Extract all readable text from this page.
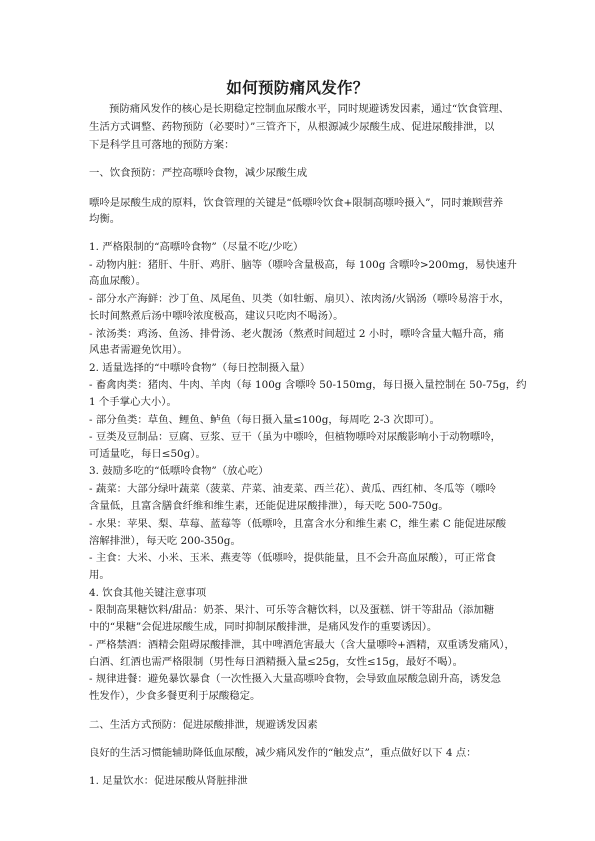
如何预防痛风发作？
预防痛风发作的核心是长期稳定控制血尿酸水平，同时规避诱发因素，通过“饮食管理、
生活方式调整、药物预防（必要时）”三管齐下，从根源减少尿酸生成、促进尿酸排泄，以
下是科学且可落地的预防方案：
一、饮食预防：严控高嘌呤食物，减少尿酸生成
嘌呤是尿酸生成的原料，饮食管理的关键是“低嘌呤饮食+限制高嘌呤摄入”，同时兼顾营养
均衡。
1. 严格限制的“高嘌呤食物”（尽量不吃/少吃）
- 动物内脏：猪肝、牛肝、鸡肝、脑等（嘌呤含量极高，每 100g 含嘌呤>200mg，易快速升
高血尿酸）。
- 部分水产海鲜：沙丁鱼、凤尾鱼、贝类（如牡蛎、扇贝）、浓肉汤/火锅汤（嘌呤易溶于水，
长时间熬煮后汤中嘌呤浓度极高，建议只吃肉不喝汤）。
- 浓汤类：鸡汤、鱼汤、排骨汤、老火靓汤（熬煮时间超过 2 小时，嘌呤含量大幅升高，痛
风患者需避免饮用）。
2. 适量选择的“中嘌呤食物”（每日控制摄入量）
- 畜禽肉类：猪肉、牛肉、羊肉（每 100g 含嘌呤 50-150mg，每日摄入量控制在 50-75g，约
1 个手掌心大小）。
- 部分鱼类：草鱼、鲤鱼、鲈鱼（每日摄入量≤100g，每周吃 2-3 次即可）。
- 豆类及豆制品：豆腐、豆浆、豆干（虽为中嘌呤，但植物嘌呤对尿酸影响小于动物嘌呤，
可适量吃，每日≤50g）。
3. 鼓励多吃的“低嘌呤食物”（放心吃）
- 蔬菜：大部分绿叶蔬菜（菠菜、芹菜、油麦菜、西兰花）、黄瓜、西红柿、冬瓜等（嘌呤
含量低，且富含膳食纤维和维生素，还能促进尿酸排泄），每天吃 500-750g。
- 水果：苹果、梨、草莓、蓝莓等（低嘌呤，且富含水分和维生素 C，维生素 C 能促进尿酸
溶解排泄），每天吃 200-350g。
- 主食：大米、小米、玉米、燕麦等（低嘌呤，提供能量，且不会升高血尿酸），可正常食
用。
4. 饮食其他关键注意事项
- 限制高果糖饮料/甜品：奶茶、果汁、可乐等含糖饮料，以及蛋糕、饼干等甜品（添加糖
中的“果糖”会促进尿酸生成，同时抑制尿酸排泄，是痛风发作的重要诱因）。
- 严格禁酒：酒精会阻碍尿酸排泄，其中啤酒危害最大（含大量嘌呤+酒精，双重诱发痛风），
白酒、红酒也需严格限制（男性每日酒精摄入量≤25g，女性≤15g，最好不喝）。
- 规律进餐：避免暴饮暴食（一次性摄入大量高嘌呤食物，会导致血尿酸急剧升高，诱发急
性发作），少食多餐更利于尿酸稳定。
二、生活方式预防：促进尿酸排泄，规避诱发因素
良好的生活习惯能辅助降低血尿酸，减少痛风发作的“触发点”，重点做好以下 4 点：
1. 足量饮水：促进尿酸从肾脏排泄
